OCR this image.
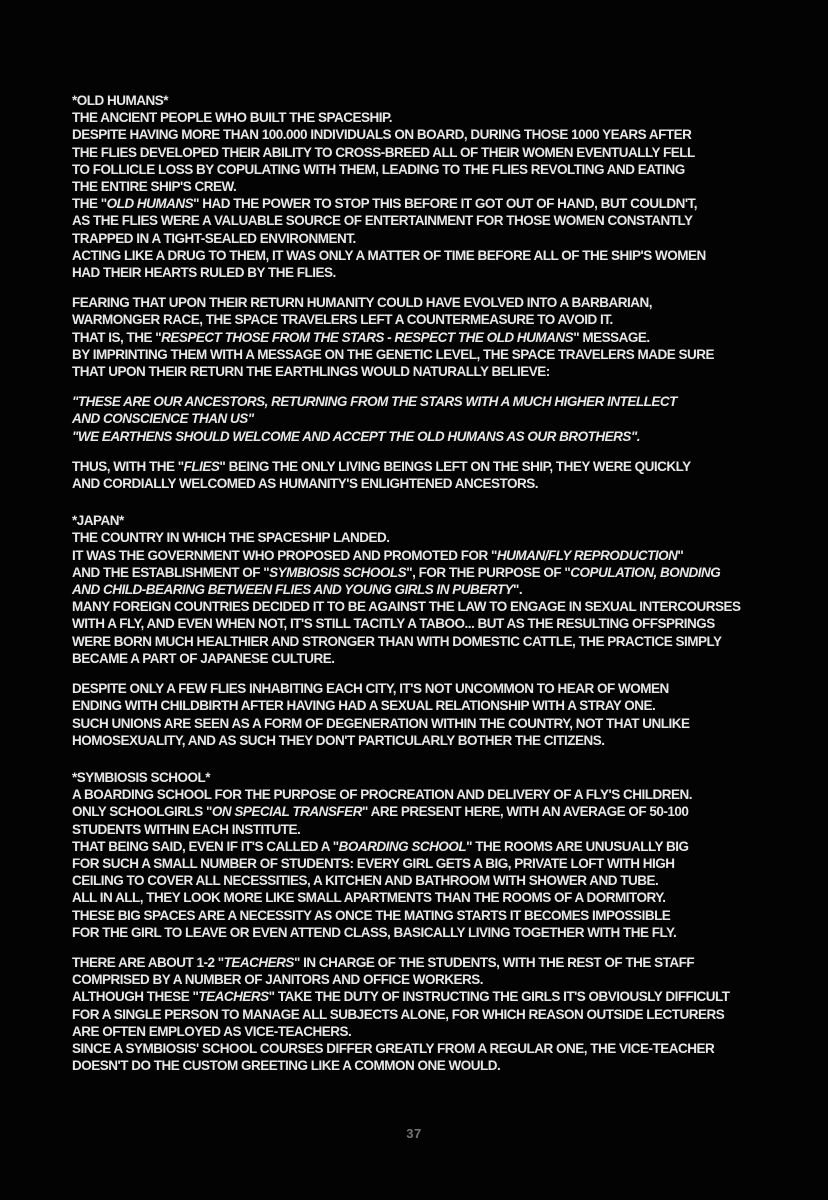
*OLD HUMANS*
THE ANCIENT PEOPLE WHO BUILT THE SPACESHIP.
DESPITE HAVING MORE THAN 100.000 INDIVIDUALS ON BOARD, DURING THOSE 1000 YEARS AFTER
THE FLIES DEVELOPED THEIR ABILITY TO CROSS-BREED ALL OF THEIR WOMEN EVENTUALLY FELL
TO FOLLICLE LOSS BY COPULATING WITH THEM, LEADING TO THE FLIES REVOLTING AND EATING
THE ENTIRE SHIP'S CREW.
THE "OLD HUMANS" HAD THE POWER TO STOP THIS BEFORE IT GOT OUT OF HAND, BUT COULDN'T,
AS THE FLIES WERE A VALUABLE SOURCE OF ENTERTAINMENT FOR THOSE WOMEN CONSTANTLY
TRAPPED IN A TIGHT-SEALED ENVIRONMENT.
ACTING LIKE A DRUG TO THEM, IT WAS ONLY A MATTER OF TIME BEFORE ALL OF THE SHIP'S WOMEN
HAD THEIR HEARTS RULED BY THE FLIES.
FEARING THAT UPON THEIR RETURN HUMANITY COULD HAVE EVOLVED INTO A BARBARIAN,
WARMONGER RACE, THE SPACE TRAVELERS LEFT A COUNTERMEASURE TO AVOID IT.
THAT IS, THE "RESPECT THOSE FROM THE STARS - RESPECT THE OLD HUMANS" MESSAGE.
BY IMPRINTING THEM WITH A MESSAGE ON THE GENETIC LEVEL, THE SPACE TRAVELERS MADE SURE
THAT UPON THEIR RETURN THE EARTHLINGS WOULD NATURALLY BELIEVE:
"THESE ARE OUR ANCESTORS, RETURNING FROM THE STARS WITH A MUCH HIGHER INTELLECT
AND CONSCIENCE THAN US"
"WE EARTHENS SHOULD WELCOME AND ACCEPT THE OLD HUMANS AS OUR BROTHERS".
THUS, WITH THE "FLIES" BEING THE ONLY LIVING BEINGS LEFT ON THE SHIP, THEY WERE QUICKLY
AND CORDIALLY WELCOMED AS HUMANITY'S ENLIGHTENED ANCESTORS.
*JAPAN*
THE COUNTRY IN WHICH THE SPACESHIP LANDED.
IT WAS THE GOVERNMENT WHO PROPOSED AND PROMOTED FOR "HUMAN/FLY REPRODUCTION"
AND THE ESTABLISHMENT OF "SYMBIOSIS SCHOOLS", FOR THE PURPOSE OF "COPULATION, BONDING
AND CHILD-BEARING BETWEEN FLIES AND YOUNG GIRLS IN PUBERTY".
MANY FOREIGN COUNTRIES DECIDED IT TO BE AGAINST THE LAW TO ENGAGE IN SEXUAL INTERCOURSES
WITH A FLY, AND EVEN WHEN NOT, IT'S STILL TACITLY A TABOO... BUT AS THE RESULTING OFFSPRINGS
WERE BORN MUCH HEALTHIER AND STRONGER THAN WITH DOMESTIC CATTLE, THE PRACTICE SIMPLY
BECAME A PART OF JAPANESE CULTURE.
DESPITE ONLY A FEW FLIES INHABITING EACH CITY, IT'S NOT UNCOMMON TO HEAR OF WOMEN
ENDING WITH CHILDBIRTH AFTER HAVING HAD A SEXUAL RELATIONSHIP WITH A STRAY ONE.
SUCH UNIONS ARE SEEN AS A FORM OF DEGENERATION WITHIN THE COUNTRY, NOT THAT UNLIKE
HOMOSEXUALITY, AND AS SUCH THEY DON'T PARTICULARLY BOTHER THE CITIZENS.
*SYMBIOSIS SCHOOL*
A BOARDING SCHOOL FOR THE PURPOSE OF PROCREATION AND DELIVERY OF A FLY'S CHILDREN.
ONLY SCHOOLGIRLS "ON SPECIAL TRANSFER" ARE PRESENT HERE, WITH AN AVERAGE OF 50-100
STUDENTS WITHIN EACH INSTITUTE.
THAT BEING SAID, EVEN IF IT'S CALLED A "BOARDING SCHOOL" THE ROOMS ARE UNUSUALLY BIG
FOR SUCH A SMALL NUMBER OF STUDENTS: EVERY GIRL GETS A BIG, PRIVATE LOFT WITH HIGH
CEILING TO COVER ALL NECESSITIES, A KITCHEN AND BATHROOM WITH SHOWER AND TUBE.
ALL IN ALL, THEY LOOK MORE LIKE SMALL APARTMENTS THAN THE ROOMS OF A DORMITORY.
THESE BIG SPACES ARE A NECESSITY AS ONCE THE MATING STARTS IT BECOMES IMPOSSIBLE
FOR THE GIRL TO LEAVE OR EVEN ATTEND CLASS, BASICALLY LIVING TOGETHER WITH THE FLY.
THERE ARE ABOUT 1-2 "TEACHERS" IN CHARGE OF THE STUDENTS, WITH THE REST OF THE STAFF
COMPRISED BY A NUMBER OF JANITORS AND OFFICE WORKERS.
ALTHOUGH THESE "TEACHERS" TAKE THE DUTY OF INSTRUCTING THE GIRLS IT'S OBVIOUSLY DIFFICULT
FOR A SINGLE PERSON TO MANAGE ALL SUBJECTS ALONE, FOR WHICH REASON OUTSIDE LECTURERS
ARE OFTEN EMPLOYED AS VICE-TEACHERS.
SINCE A SYMBIOSIS' SCHOOL COURSES DIFFER GREATLY FROM A REGULAR ONE, THE VICE-TEACHER
DOESN'T DO THE CUSTOM GREETING LIKE A COMMON ONE WOULD.
37
